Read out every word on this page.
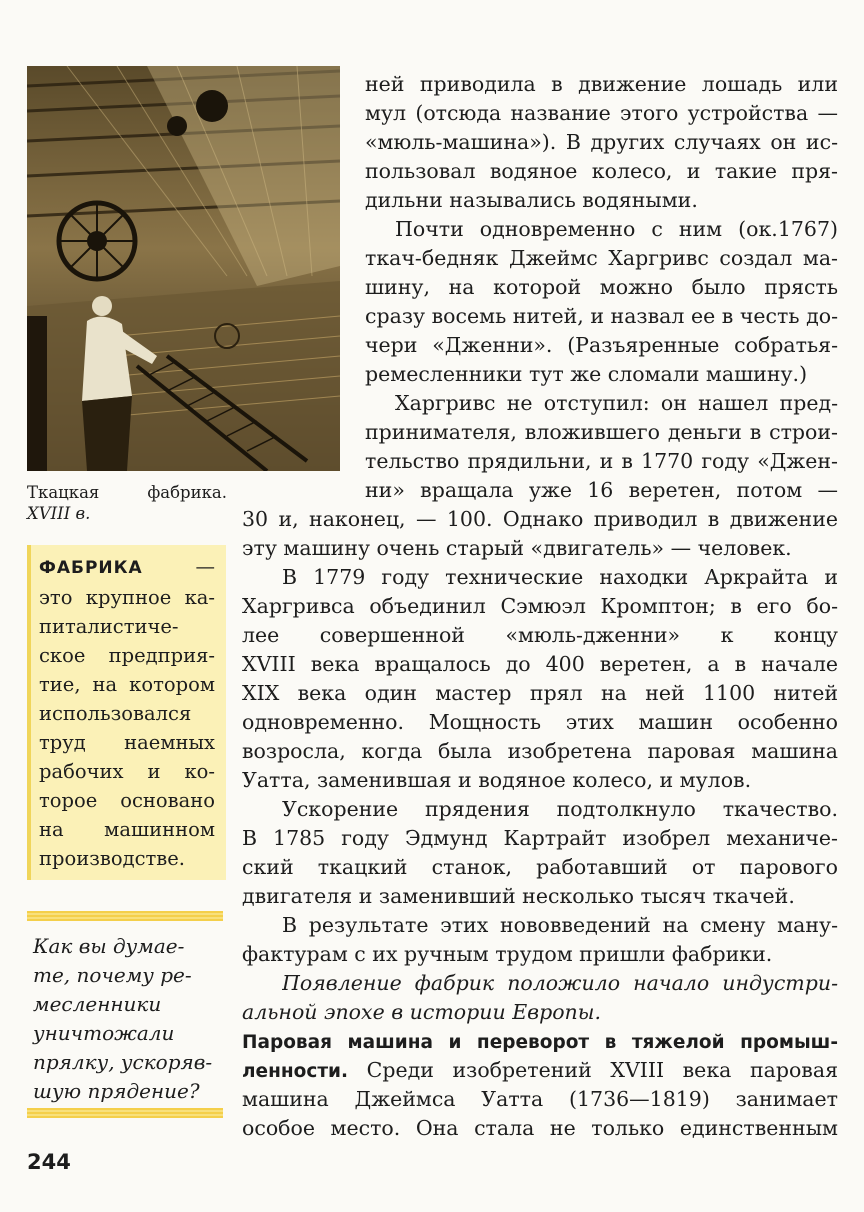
Ткацкая	фабрика.
XVIII в.
ФАБРИКА	—
это крупное ка-
питалистиче-
ское предприя-
тие, на котором
использовался
труд наемных
рабочих и ко-
торое основано
на машинном
производстве.
Как вы думае-
те, почему ре-
месленники
уничтожали
прялку, ускоряв-
шую прядение?
244
ней приводила в движение лошадь или
мул (отсюда название этого устройства —
«мюль-машина»). В других случаях он ис-
пользовал водяное колесо, и такие пря-
дильни назывались водяными.
Почти одновременно с ним (ок.1767)
ткач-бедняк Джеймс Харгривс создал ма-
шину, на которой можно было прясть
сразу восемь нитей, и назвал ее в честь до-
чери «Дженни». (Разъяренные собратья-
ремесленники тут же сломали машину.)
Харгривс не отступил: он нашел пред-
принимателя, вложившего деньги в строи-
тельство прядильни, и в 1770 году «Джен-
ни» вращала уже 16 веретен, потом —
30 и, наконец, — 100. Однако приводил в движение
эту машину очень старый «двигатель» — человек.
В 1779 году технические находки Аркрайта и
Харгривса объединил Сэмюэл Кромптон; в его бо-
лее совершенной «мюль-дженни» к концу
XVIII века вращалось до 400 веретен, а в начале
XIX века один мастер прял на ней 1100 нитей
одновременно. Мощность этих машин особенно
возросла, когда была изобретена паровая машина
Уатта, заменившая и водяное колесо, и мулов.
Ускорение прядения подтолкнуло ткачество.
В 1785 году Эдмунд Картрайт изобрел механиче-
ский ткацкий станок, работавший от парового
двигателя и заменивший несколько тысяч ткачей.
В результате этих нововведений на смену ману-
фактурам с их ручным трудом пришли фабрики.
Появление фабрик положило начало индустри-
альной эпохе в истории Европы.
Паровая машина и переворот в тяжелой промыш-
ленности. Среди изобретений XVIII века паровая
машина Джеймса Уатта (1736—1819) занимает
особое место. Она стала не только единственным
